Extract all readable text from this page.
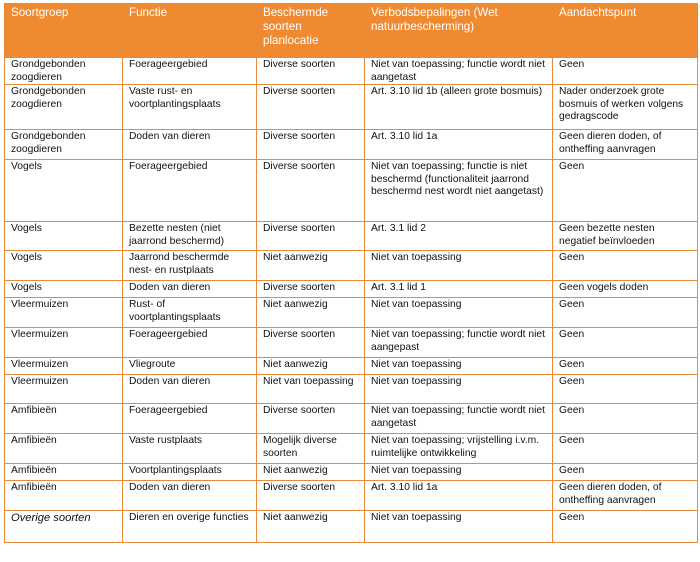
Soortgroep	Functie	Beschermde soorten planlocatie	Verbodsbepalingen (Wet natuurbescherming)	Aandachtspunt
Grondgebonden zoogdieren	Foerageergebied	Diverse soorten	Niet van toepassing; functie wordt niet aangetast	Geen
Grondgebonden zoogdieren	Vaste rust- en voortplantingsplaats	Diverse soorten	Art. 3.10 lid 1b (alleen grote bosmuis)	Nader onderzoek grote bosmuis of werken volgens gedragscode
Grondgebonden zoogdieren	Doden van dieren	Diverse soorten	Art. 3.10 lid 1a	Geen dieren doden, of ontheffing aanvragen
Vogels	Foerageergebied	Diverse soorten	Niet van toepassing; functie is niet beschermd (functionaliteit jaarrond beschermd nest wordt niet aangetast)	Geen
Vogels	Bezette nesten (niet jaarrond beschermd)	Diverse soorten	Art. 3.1 lid 2	Geen bezette nesten negatief beïnvloeden
Vogels	Jaarrond beschermde nest- en rustplaats	Niet aanwezig	Niet van toepassing	Geen
Vogels	Doden van dieren	Diverse soorten	Art. 3.1 lid 1	Geen vogels doden
Vleermuizen	Rust- of voortplantingsplaats	Niet aanwezig	Niet van toepassing	Geen
Vleermuizen	Foerageergebied	Diverse soorten	Niet van toepassing; functie wordt niet aangepast	Geen
Vleermuizen	Vliegroute	Niet aanwezig	Niet van toepassing	Geen
Vleermuizen	Doden van dieren	Niet van toepassing	Niet van toepassing	Geen
Amfibieën	Foerageergebied	Diverse soorten	Niet van toepassing; functie wordt niet aangetast	Geen
Amfibieën	Vaste rustplaats	Mogelijk diverse soorten	Niet van toepassing; vrijstelling i.v.m. ruimtelijke ontwikkeling	Geen
Amfibieën	Voortplantingsplaats	Niet aanwezig	Niet van toepassing	Geen
Amfibieën	Doden van dieren	Diverse soorten	Art. 3.10 lid 1a	Geen dieren doden, of ontheffing aanvragen
Overige soorten	Dieren en overige functies	Niet aanwezig	Niet van toepassing	Geen
